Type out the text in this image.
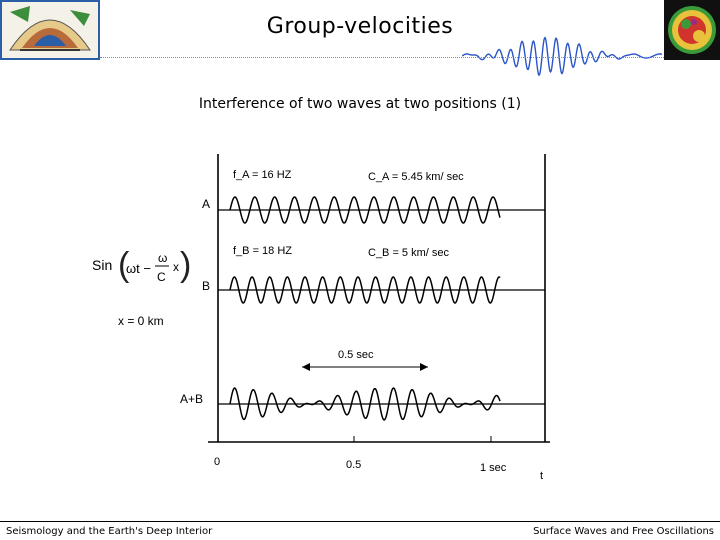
Group-velocities
Interference of two waves at two positions (1)
Sin (
ωt −
ω
C
x )
x = 0 km
f_A = 16 HZ	C_A = 5.45 km/ sec
A
f_B = 18 HZ	C_B = 5 km/ sec
B
0.5 sec
A+B
0	0.5	1 sec
t
Seismology and the Earth's Deep Interior	Surface Waves and Free Oscillations
